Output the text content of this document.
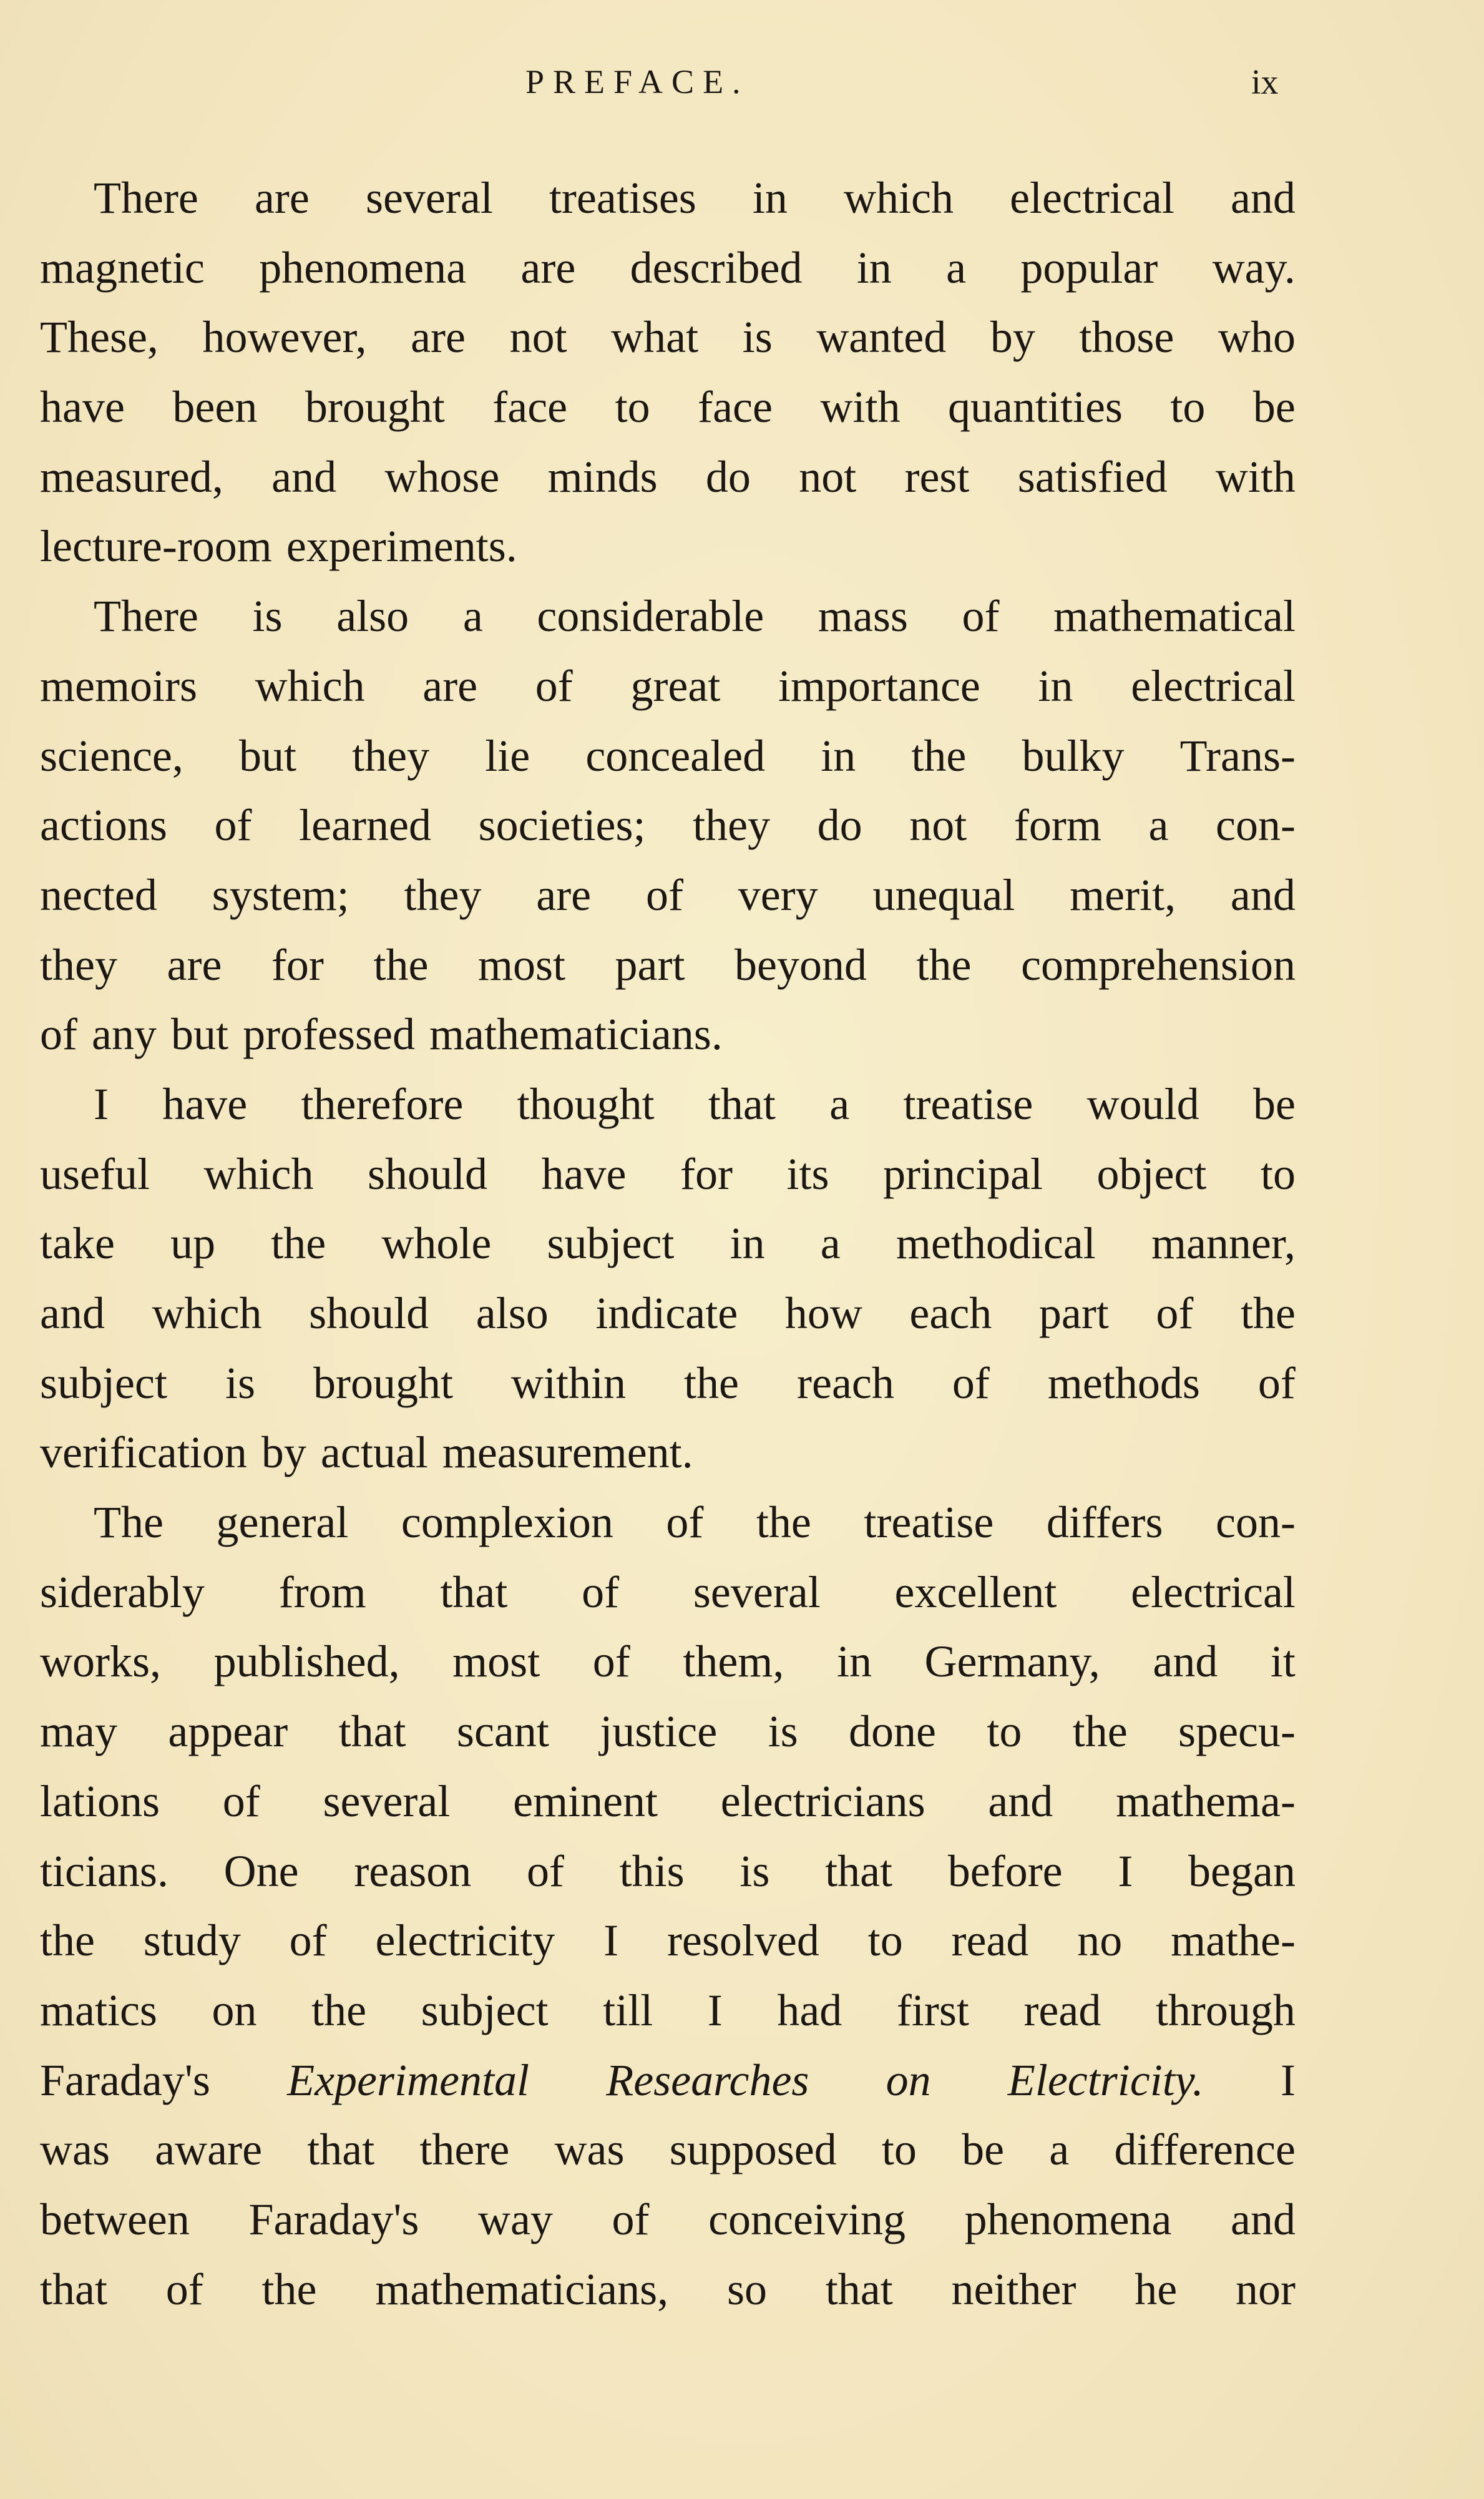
PREFACE.	ix
There are several treatises in which electrical and
magnetic phenomena are described in a popular way.
These, however, are not what is wanted by those who
have been brought face to face with quantities to be
measured, and whose minds do not rest satisfied with
lecture-room experiments.
There is also a considerable mass of mathematical
memoirs which are of great importance in electrical
science, but they lie concealed in the bulky Trans-
actions of learned societies; they do not form a con-
nected system; they are of very unequal merit, and
they are for the most part beyond the comprehension
of any but professed mathematicians.
I have therefore thought that a treatise would be
useful which should have for its principal object to
take up the whole subject in a methodical manner,
and which should also indicate how each part of the
subject is brought within the reach of methods of
verification by actual measurement.
The general complexion of the treatise differs con-
siderably from that of several excellent electrical
works, published, most of them, in Germany, and it
may appear that scant justice is done to the specu-
lations of several eminent electricians and mathema-
ticians. One reason of this is that before I began
the study of electricity I resolved to read no mathe-
matics on the subject till I had first read through
Faraday's Experimental Researches on Electricity. I
was aware that there was supposed to be a difference
between Faraday's way of conceiving phenomena and
that of the mathematicians, so that neither he nor
